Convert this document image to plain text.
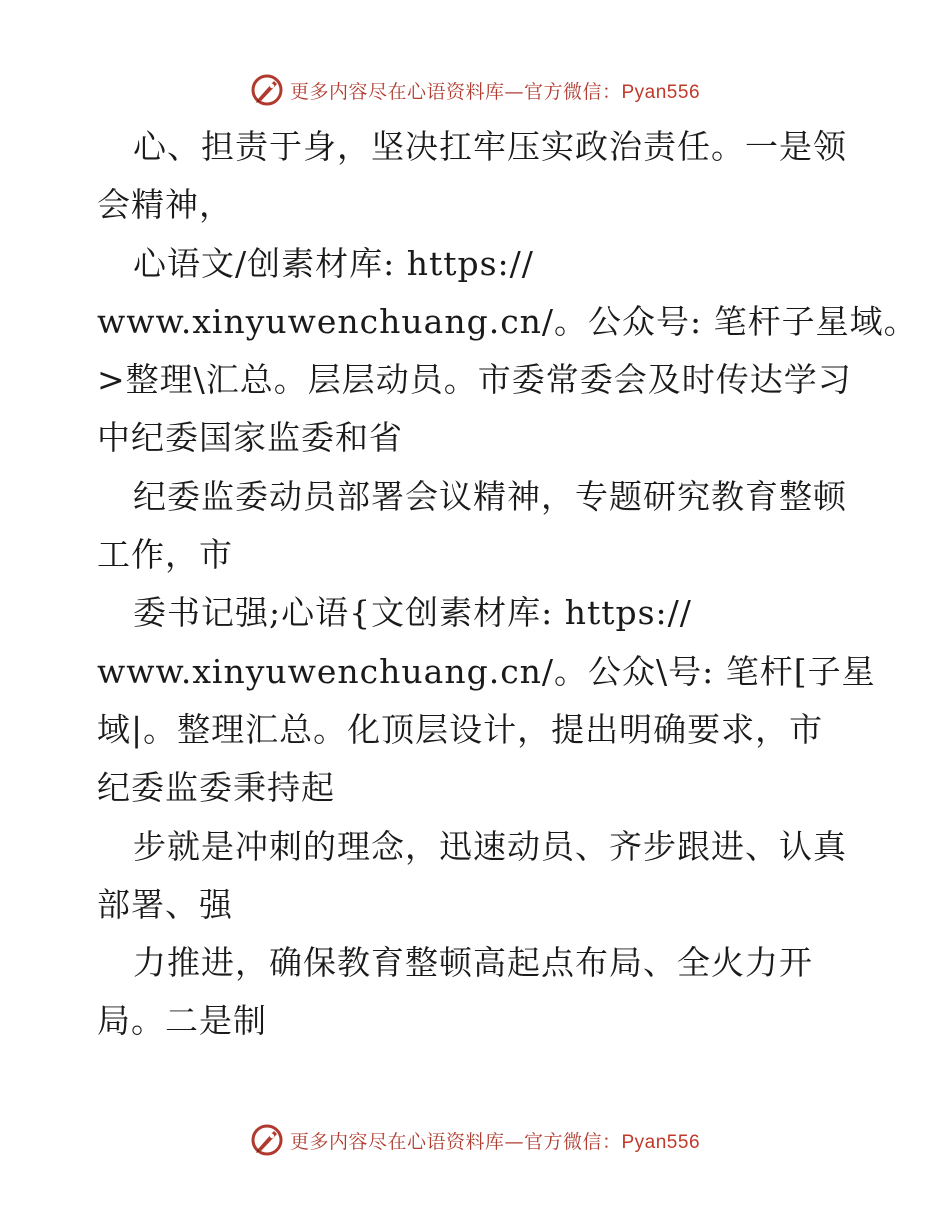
更多内容尽在心语资料库—官方微信：Pyan556

心、担责于身，坚决扛牢压实政治责任。一是领

会精神，

心语文/创素材库: https://

www.xinyuwenchuang.cn/。公众号: 笔杆子星域。

>整理\汇总。层层动员。市委常委会及时传达学习

中纪委国家监委和省

纪委监委动员部署会议精神，专题研究教育整顿

工作，市

委书记强;心语{文创素材库: https://

www.xinyuwenchuang.cn/。公众\号: 笔杆[子星

域|。整理汇总。化顶层设计，提出明确要求，市

纪委监委秉持起

步就是冲刺的理念，迅速动员、齐步跟进、认真

部署、强

力推进，确保教育整顿高起点布局、全火力开

局。二是制

更多内容尽在心语资料库—官方微信：Pyan556
